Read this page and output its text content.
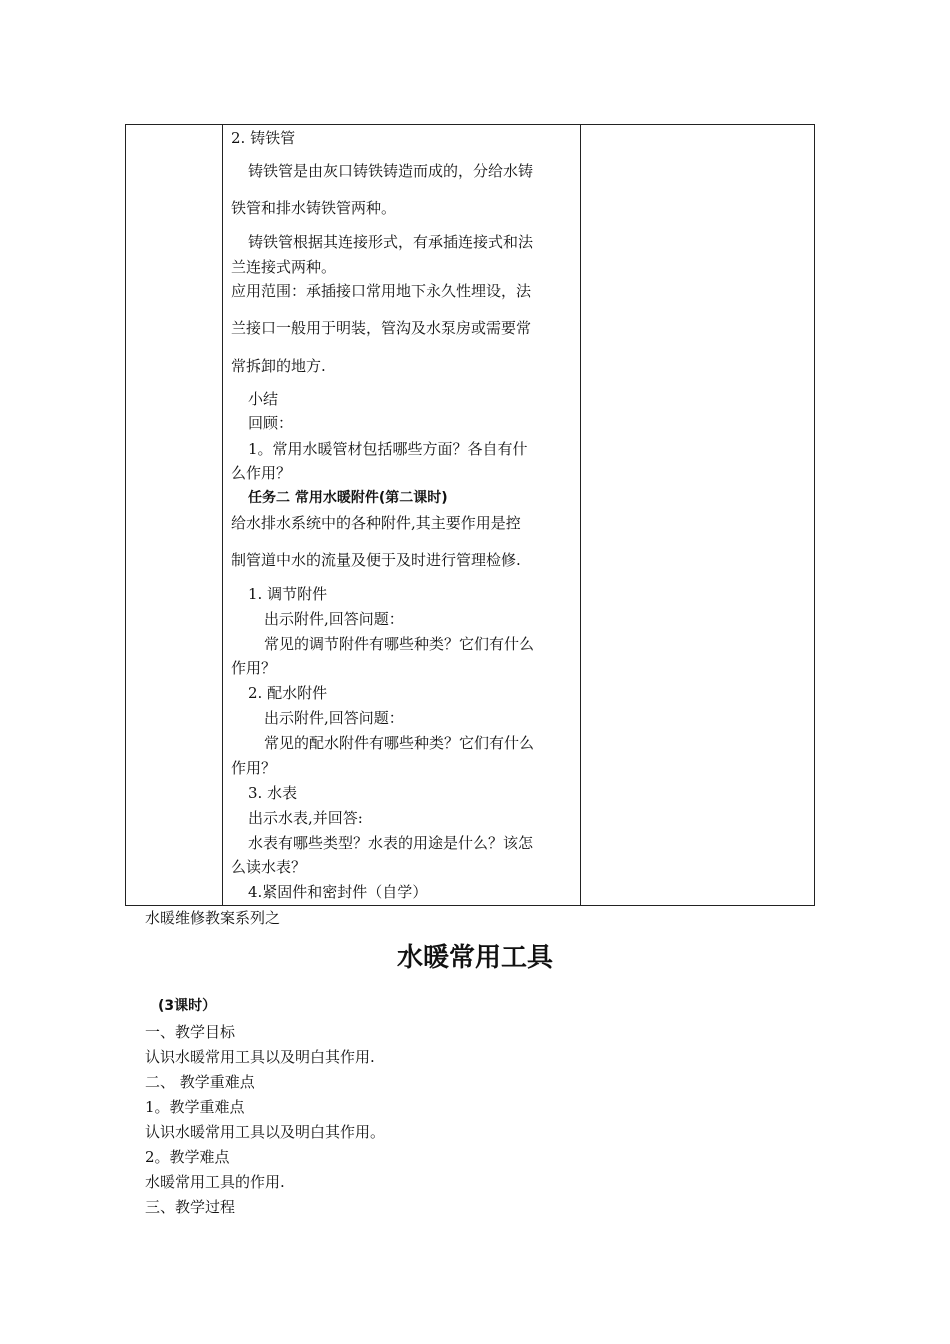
2. 铸铁管
铸铁管是由灰口铸铁铸造而成的，分给水铸
铁管和排水铸铁管两种。
铸铁管根据其连接形式，有承插连接式和法
兰连接式两种。
应用范围：承插接口常用地下永久性埋设，法
兰接口一般用于明装，管沟及水泵房或需要常
常拆卸的地方.
小结
回顾：
1。常用水暖管材包括哪些方面？各自有什
么作用？
任务二 常用水暖附件(第二课时)
给水排水系统中的各种附件,其主要作用是控
制管道中水的流量及便于及时进行管理检修.
1. 调节附件
出示附件,回答问题：
常见的调节附件有哪些种类？它们有什么
作用？
2. 配水附件
出示附件,回答问题：
常见的配水附件有哪些种类？它们有什么
作用？
3. 水表
出示水表,并回答:
水表有哪些类型？水表的用途是什么？该怎
么读水表？
4.紧固件和密封件（自学）
水暖维修教案系列之
水暖常用工具
(3课时）
一、教学目标
认识水暖常用工具以及明白其作用.
二、 教学重难点
1。教学重难点
认识水暖常用工具以及明白其作用。
2。教学难点
水暖常用工具的作用.
三、教学过程
